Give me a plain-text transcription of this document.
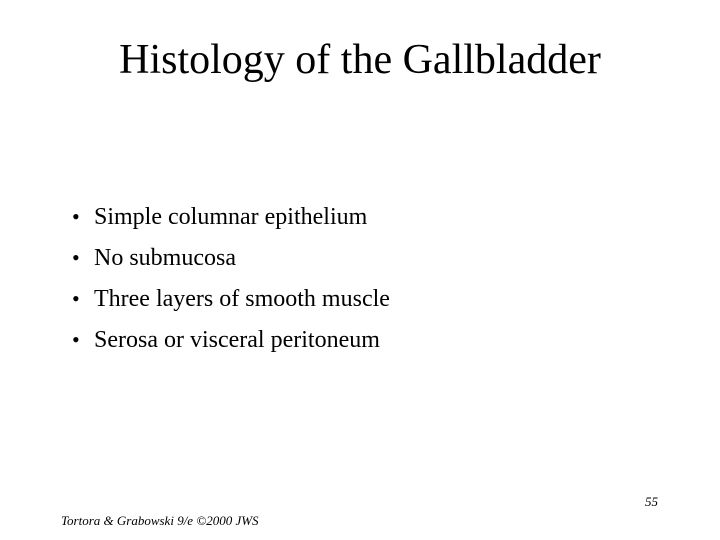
Histology of the Gallbladder
• Simple columnar epithelium
• No submucosa
• Three layers of smooth muscle
• Serosa or visceral peritoneum
55
Tortora & Grabowski 9/e ©2000 JWS
